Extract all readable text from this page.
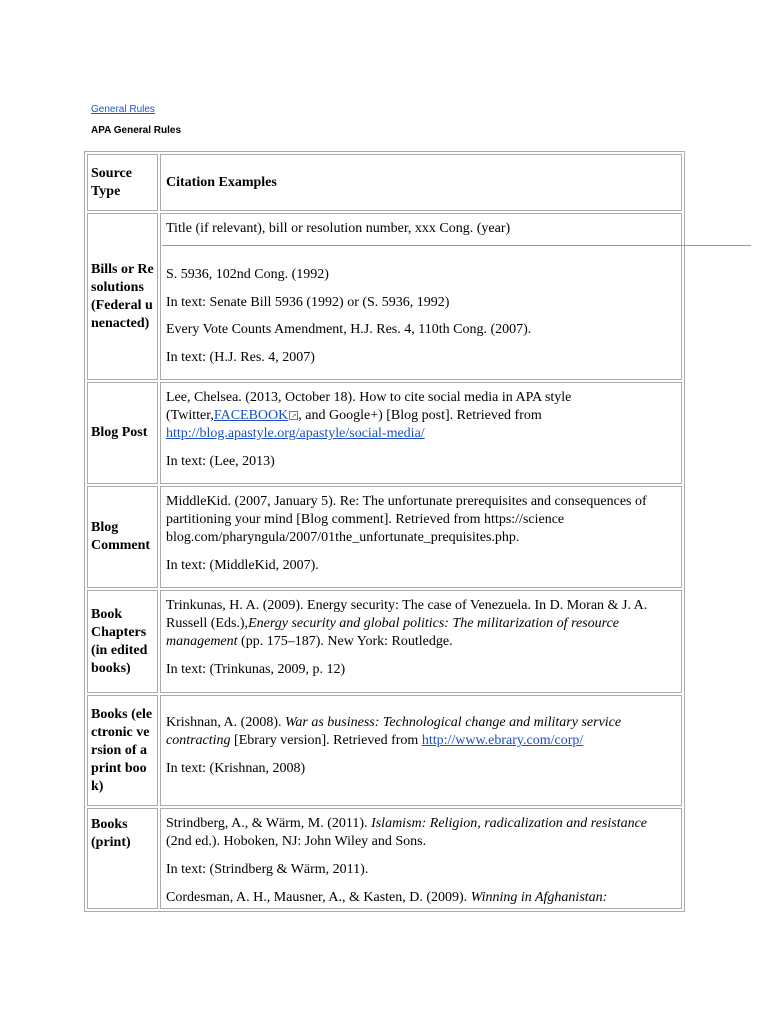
General Rules
APA General Rules
Source Type
Citation Examples
Bills or Resolutions (Federal unenacted)

Title (if relevant), bill or resolution number, xxx Cong. (year)

S. 5936, 102nd Cong. (1992)

In text: Senate Bill 5936 (1992) or (S. 5936, 1992)

Every Vote Counts Amendment, H.J. Res. 4, 110th Cong. (2007).

In text: (H.J. Res. 4, 2007)

Blog Post

Lee, Chelsea. (2013, October 18). How to cite social media in APA style (Twitter,FACEBOOK ↗ , and Google+) [Blog post]. Retrieved from http://blog.apastyle.org/apastyle/social-media/

In text: (Lee, 2013)

Blog Comment

MiddleKid. (2007, January 5). Re: The unfortunate prerequisites and consequences of partitioning your mind [Blog comment]. Retrieved from https://science blog.com/pharyngula/2007/01the_unfortunate_prequisites.php.

In text: (MiddleKid, 2007).

Book Chapters (in edited books)

Trinkunas, H. A. (2009). Energy security: The case of Venezuela. In D. Moran & J. A. Russell (Eds.),Energy security and global politics: The militarization of resource management (pp. 175–187). New York: Routledge.

In text: (Trinkunas, 2009, p. 12)

Books (electronic version of a print book)

Krishnan, A. (2008). War as business: Technological change and military service contracting [Ebrary version]. Retrieved from http://www.ebrary.com/corp/

In text: (Krishnan, 2008)

Books (print)

Strindberg, A., & Wärm, M. (2011). Islamism: Religion, radicalization and resistance (2nd ed.). Hoboken, NJ: John Wiley and Sons.

In text: (Strindberg & Wärm, 2011).

Cordesman, A. H., Mausner, A., & Kasten, D. (2009). Winning in Afghanistan:
